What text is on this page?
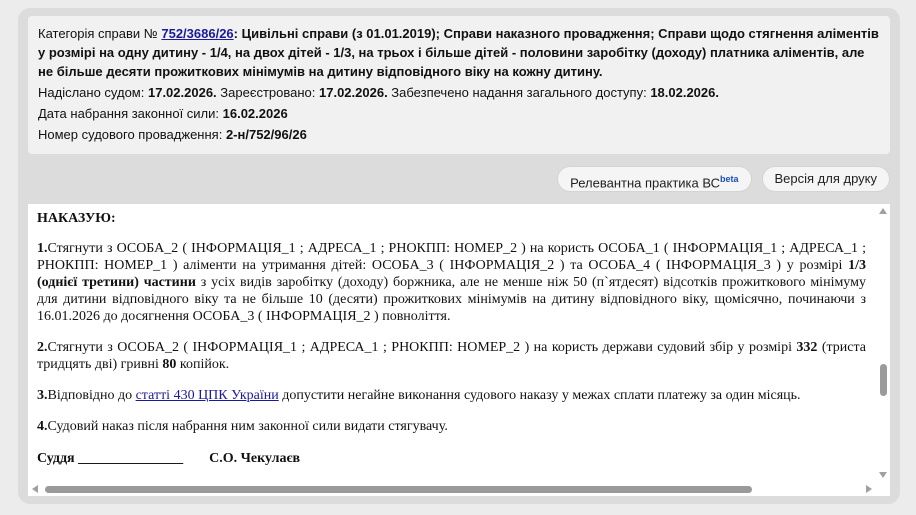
Категорія справи № 752/3686/26: Цивільні справи (з 01.01.2019); Справи наказного провадження; Справи щодо стягнення аліментів у розмірі на одну дитину - 1/4, на двох дітей - 1/3, на трьох і більше дітей - половини заробітку (доходу) платника аліментів, але не більше десяти прожиткових мінімумів на дитину відповідного віку на кожну дитину.

Надіслано судом: 17.02.2026. Зареєстровано: 17.02.2026. Забезпечено надання загального доступу: 18.02.2026.

Дата набрання законної сили: 16.02.2026

Номер судового провадження: 2-н/752/96/26

Релевантна практика $ВС^{beta}$	Версія для друку

НАКАЗУЮ:

1.Стягнути з ОСОБА_2 ( ІНФОРМАЦІЯ_1 ; АДРЕСА_1 ; РНОКПП: НОМЕР_2 ) на користь ОСОБА_1 ( ІНФОРМАЦІЯ_1 ; АДРЕСА_1 ; РНОКПП: НОМЕР_1 ) аліменти на утримання дітей: ОСОБА_3 ( ІНФОРМАЦІЯ_2 ) та ОСОБА_4 ( ІНФОРМАЦІЯ_3 ) у розмірі 1/3 (однієї третини) частини з усіх видів заробітку (доходу) боржника, але не менше ніж 50 (п`ятдесят) відсотків прожиткового мінімуму для дитини відповідного віку та не більше 10 (десяти) прожиткових мінімумів на дитину відповідного віку, щомісячно, починаючи з 16.01.2026 до досягнення ОСОБА_3 ( ІНФОРМАЦІЯ_2 ) повноліття.

2.Стягнути з ОСОБА_2 ( ІНФОРМАЦІЯ_1 ; АДРЕСА_1 ; РНОКПП: НОМЕР_2 ) на користь держави судовий збір у розмірі 332 (триста тридцять дві) гривні 80 копійок.

3.Відповідно до статті 430 ЦПК України допустити негайне виконання судового наказу у межах сплати платежу за один місяць.

4.Судовий наказ після набрання ним законної сили видати стягувачу.

Суддя _______________ С.О. Чекулаєв
